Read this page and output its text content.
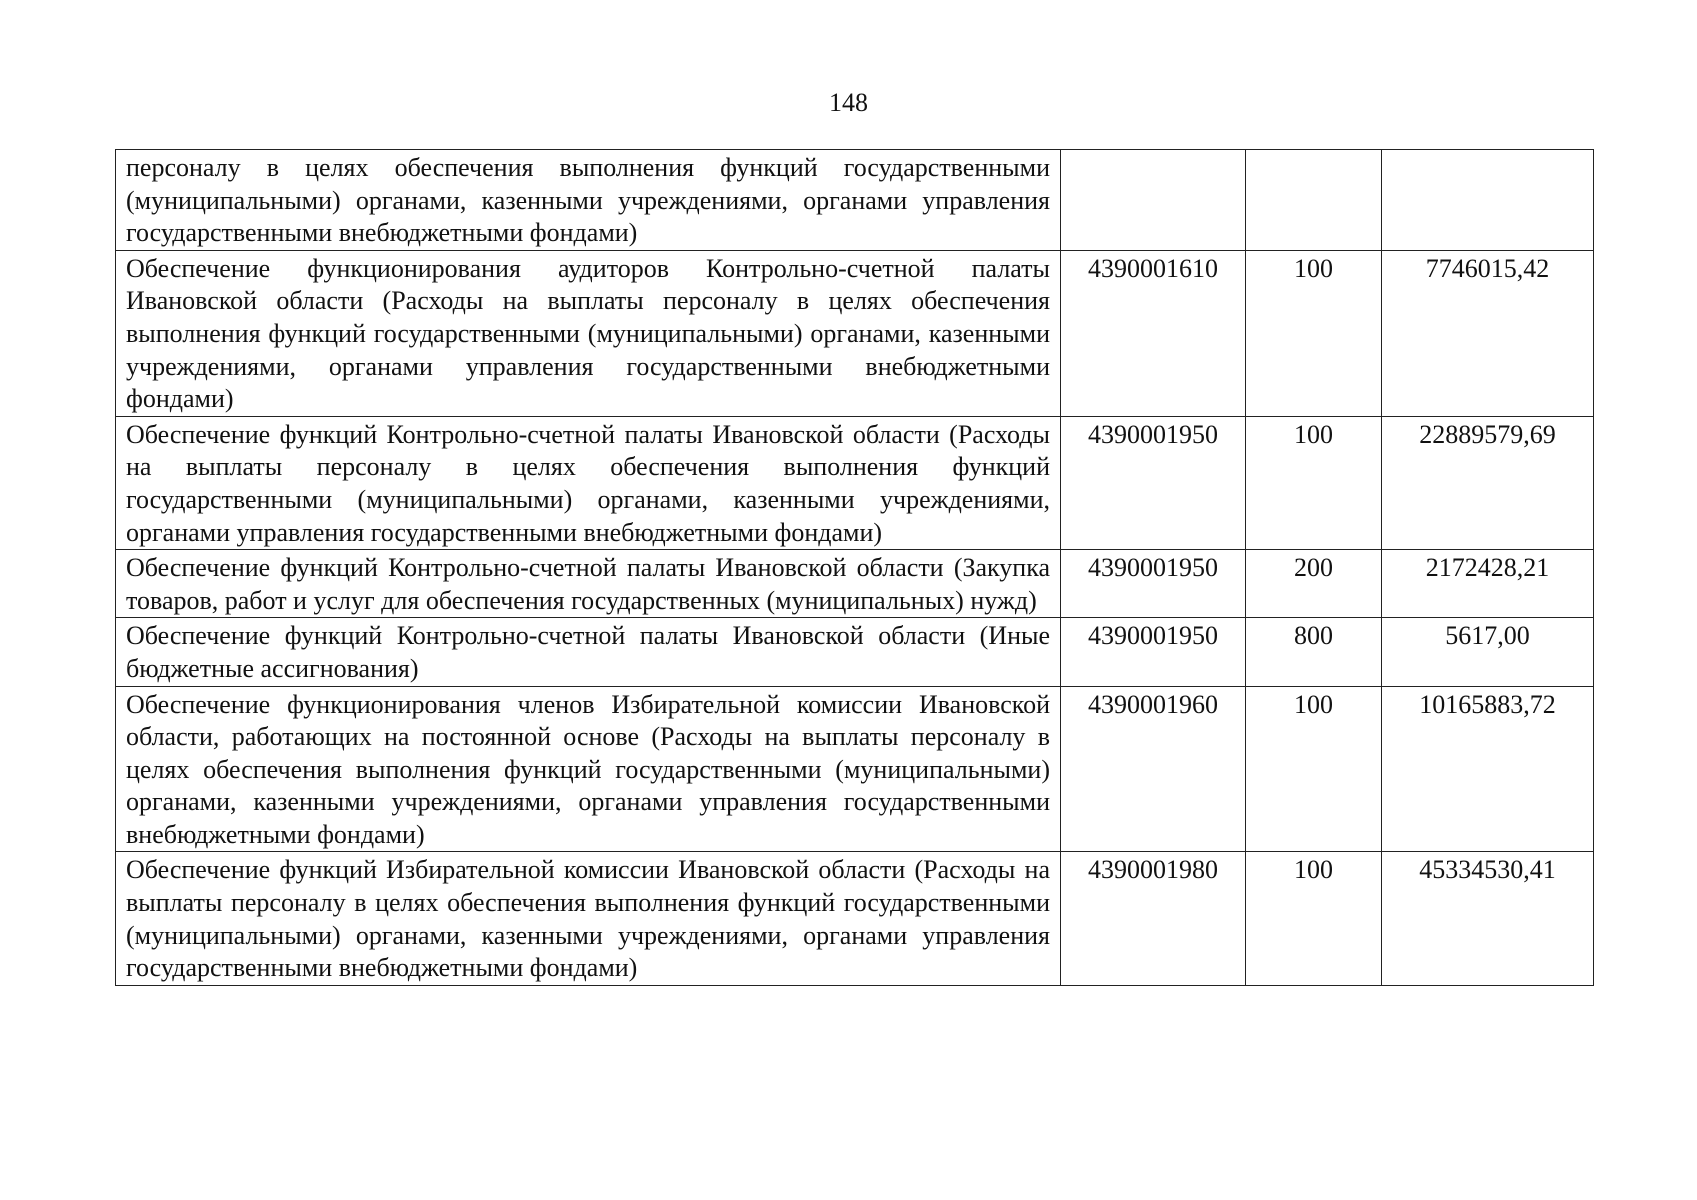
148
персоналу в целях обеспечения выполнения функций государственными (муниципальными) органами, казенными учреждениями, органами управления государственными внебюджетными фондами)			
Обеспечение функционирования аудиторов Контрольно-счетной палаты Ивановской области (Расходы на выплаты персоналу в целях обеспечения выполнения функций государственными (муниципальными) органами, казенными учреждениями, органами управления государственными внебюджетными фондами)	4390001610	100	7746015,42
Обеспечение функций Контрольно-счетной палаты Ивановской области (Расходы на выплаты персоналу в целях обеспечения выполнения функций государственными (муниципальными) органами, казенными учреждениями, органами управления государственными внебюджетными фондами)	4390001950	100	22889579,69
Обеспечение функций Контрольно-счетной палаты Ивановской области (Закупка товаров, работ и услуг для обеспечения государственных (муниципальных) нужд)	4390001950	200	2172428,21
Обеспечение функций Контрольно-счетной палаты Ивановской области (Иные бюджетные ассигнования)	4390001950	800	5617,00
Обеспечение функционирования членов Избирательной комиссии Ивановской области, работающих на постоянной основе (Расходы на выплаты персоналу в целях обеспечения выполнения функций государственными (муниципальными) органами, казенными учреждениями, органами управления государственными внебюджетными фондами)	4390001960	100	10165883,72
Обеспечение функций Избирательной комиссии Ивановской области (Расходы на выплаты персоналу в целях обеспечения выполнения функций государственными (муниципальными) органами, казенными учреждениями, органами управления государственными внебюджетными фондами)	4390001980	100	45334530,41
